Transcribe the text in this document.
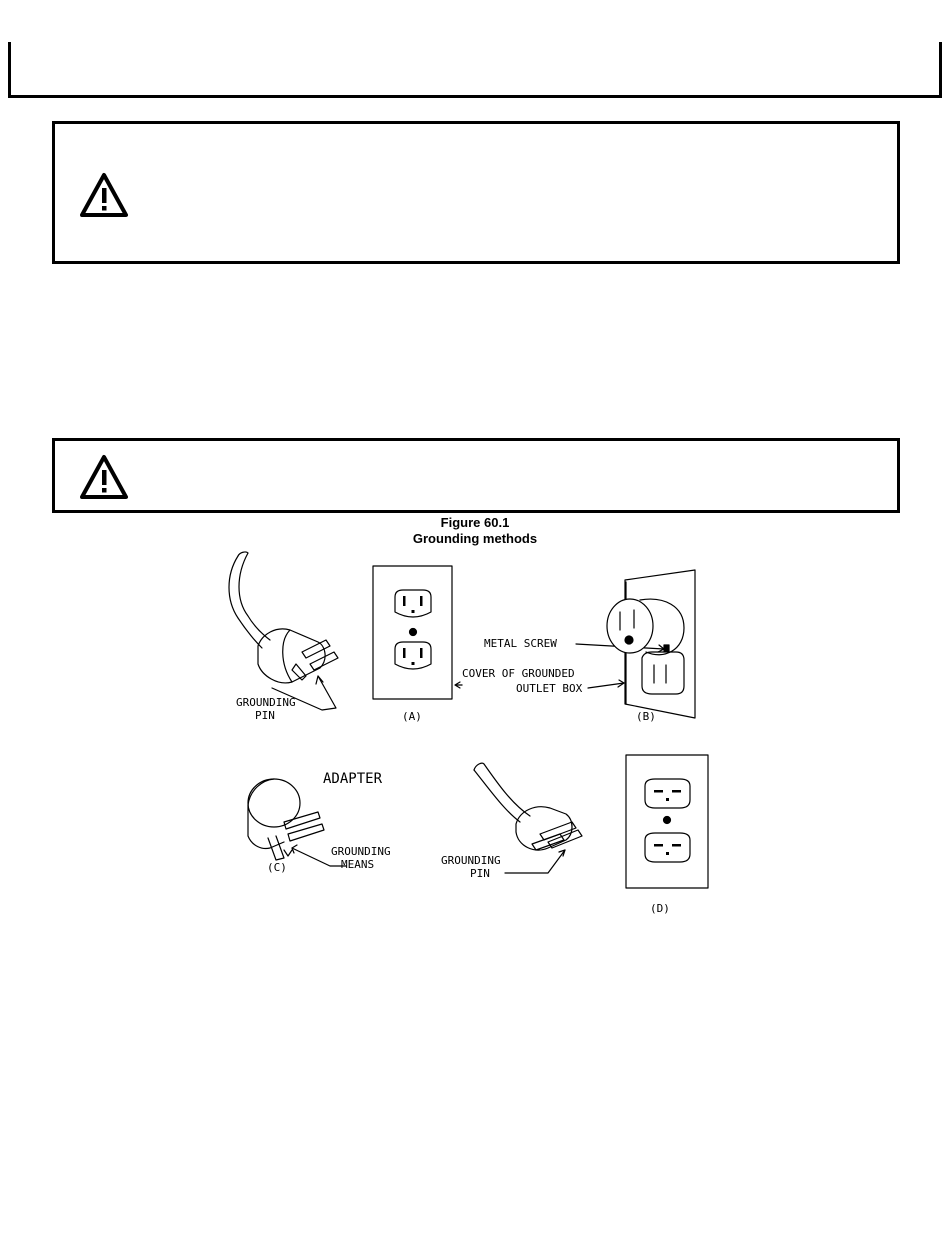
Figure 60.1
Grounding methods
GROUNDING
PIN	(A)
METAL SCREW
COVER OF GROUNDED
OUTLET BOX
(B)
ADAPTER
GROUNDING
MEANS
(C)
GROUNDING
PIN
(D)
